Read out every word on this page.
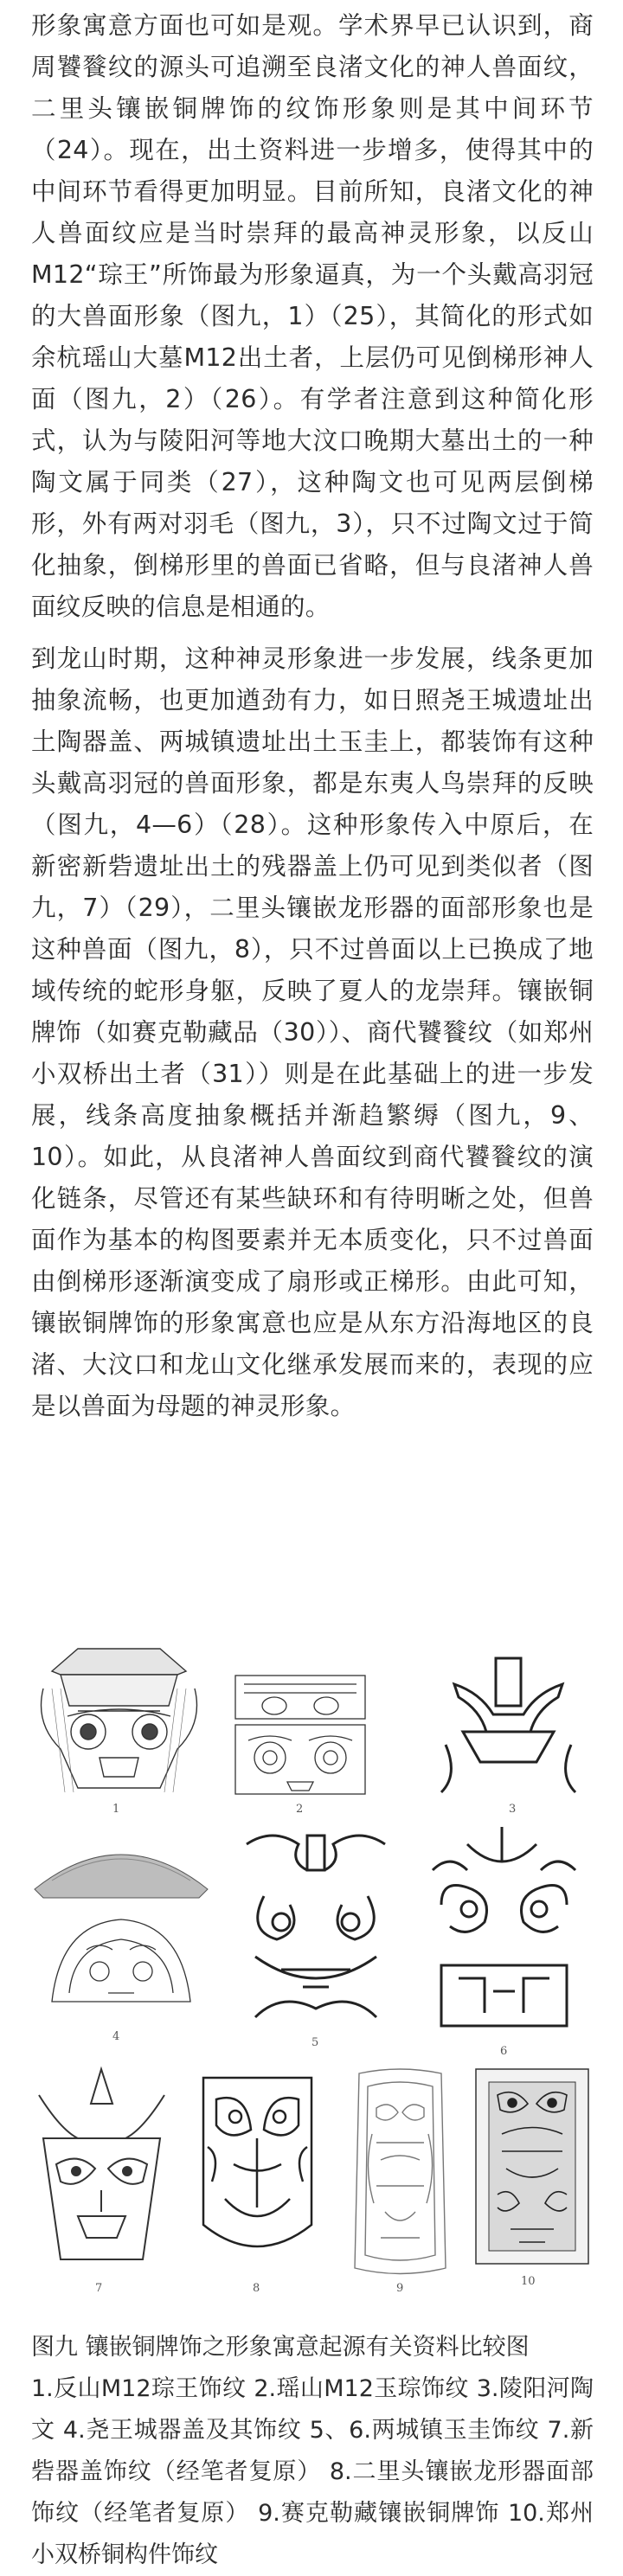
形象寓意方面也可如是观。学术界早已认识到，商周饕餮纹的源头可追溯至良渚文化的神人兽面纹，二里头镶嵌铜牌饰的纹饰形象则是其中间环节（24）。现在，出土资料进一步增多，使得其中的中间环节看得更加明显。目前所知，良渚文化的神人兽面纹应是当时崇拜的最高神灵形象，以反山M12“琮王”所饰最为形象逼真，为一个头戴高羽冠的大兽面形象（图九，1）（25），其简化的形式如余杭瑶山大墓M12出土者，上层仍可见倒梯形神人面（图九，2）（26）。有学者注意到这种简化形式，认为与陵阳河等地大汶口晚期大墓出土的一种陶文属于同类（27），这种陶文也可见两层倒梯形，外有两对羽毛（图九，3），只不过陶文过于简化抽象，倒梯形里的兽面已省略，但与良渚神人兽面纹反映的信息是相通的。

到龙山时期，这种神灵形象进一步发展，线条更加抽象流畅，也更加遒劲有力，如日照尧王城遗址出土陶器盖、两城镇遗址出土玉圭上，都装饰有这种头戴高羽冠的兽面形象，都是东夷人鸟崇拜的反映（图九，4—6）（28）。这种形象传入中原后，在新密新砦遗址出土的残器盖上仍可见到类似者（图九，7）（29），二里头镶嵌龙形器的面部形象也是这种兽面（图九，8），只不过兽面以上已换成了地域传统的蛇形身躯，反映了夏人的龙崇拜。镶嵌铜牌饰（如赛克勒藏品（30））、商代饕餮纹（如郑州小双桥出土者（31））则是在此基础上的进一步发展，线条高度抽象概括并渐趋繁缛（图九，9、10）。如此，从良渚神人兽面纹到商代饕餮纹的演化链条，尽管还有某些缺环和有待明晰之处，但兽面作为基本的构图要素并无本质变化，只不过兽面由倒梯形逐渐演变成了扇形或正梯形。由此可知，镶嵌铜牌饰的形象寓意也应是从东方沿海地区的良渚、大汶口和龙山文化继承发展而来的，表现的应是以兽面为母题的神灵形象。

1	2	3
4	5
6
7	8	9
10

图九 镶嵌铜牌饰之形象寓意起源有关资料比较图

1.反山M12琮王饰纹 2.瑶山M12玉琮饰纹 3.陵阳河陶文 4.尧王城器盖及其饰纹 5、6.两城镇玉圭饰纹 7.新砦器盖饰纹（经笔者复原） 8.二里头镶嵌龙形器面部饰纹（经笔者复原） 9.赛克勒藏镶嵌铜牌饰 10.郑州小双桥铜构件饰纹
